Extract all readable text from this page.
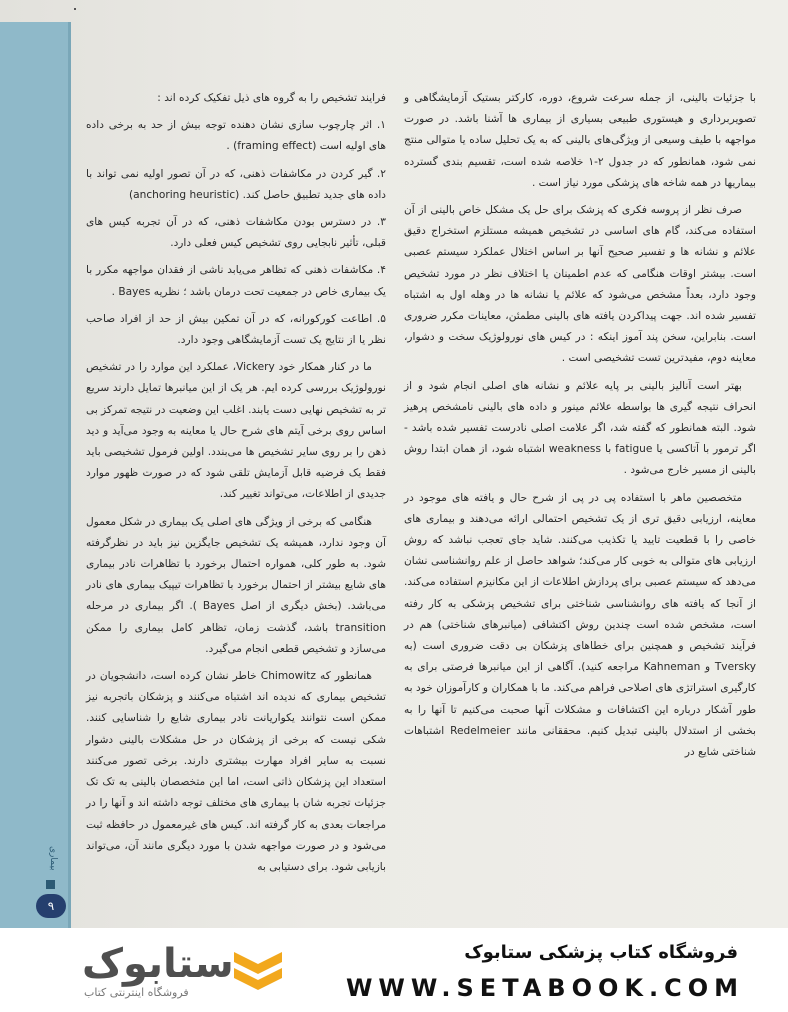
بیماری
۹

با جزئیات بالینی، از جمله سرعت شروع، دوره، کارکتر بستیک آزمایشگاهی و تصویربرداری و هیستوری طبیعی بسیاری از بیماری ها آشنا باشد. در صورت مواجهه با طیف وسیعی از ویژگی‌های بالینی که به یک تحلیل ساده یا متوالی منتج نمی شود، همانطور که در جدول ۲-۱ خلاصه شده است، تقسیم بندی گسترده بیماریها در همه شاخه های پزشکی مورد نیاز است .

صرف نظر از پروسه فکری که پزشک برای حل یک مشکل خاص بالینی از آن استفاده می‌کند، گام های اساسی در تشخیص همیشه مستلزم استخراج دقیق علائم و نشانه ها و تفسیر صحیح آنها بر اساس اختلال عملکرد سیستم عصبی است. بیشتر اوقات هنگامی که عدم اطمینان یا اختلاف نظر در مورد تشخیص وجود دارد، بعداً مشخص می‌شود که علائم یا نشانه ها در وهله اول به اشتباه تفسیر شده اند. جهت پیداکردن یافته های بالینی مطمئن، معاینات مکرر ضروری است. بنابراین، سخن پند آموز اینکه : در کیس های نورولوژیک سخت و دشوار، معاینه دوم، مفیدترین تست تشخیصی است .

بهتر است آنالیز بالینی بر پایه علائم و نشانه های اصلی انجام شود و از انحراف نتیجه گیری ها بواسطه علائم مینور و داده های بالینی نامشخص پرهیز شود. البته همانطور که گفته شد، اگر علامت اصلی نادرست تفسیر شده باشد - اگر ترمور با آتاکسی یا fatigue با weakness اشتباه شود، از همان ابتدا روش بالینی از مسیر خارج می‌شود .

متخصصین ماهر با استفاده پی در پی از شرح حال و یافته های موجود در معاینه، ارزیابی دقیق تری از یک تشخیص احتمالی ارائه می‌دهند و بیماری های خاصی را با قطعیت تایید یا تکذیب می‌کنند. شاید جای تعجب نباشد که روش ارزیابی های متوالی به خوبی کار می‌کند؛ شواهد حاصل از علم روانشناسی نشان می‌دهد که سیستم عصبی برای پردازش اطلاعات از این مکانیزم استفاده می‌کند. از آنجا که یافته های روانشناسی شناختی برای تشخیص پزشکی به کار رفته است، مشخص شده است چندین روش اکتشافی (میانبرهای شناختی) هم در فرآیند تشخیص و همچنین برای خطاهای پزشکان بی دقت ضروری است (به Tversky و Kahneman مراجعه کنید). آگاهی از این میانبرها فرصتی برای به کارگیری استراتژی های اصلاحی فراهم می‌کند. ما با همکاران و کارآموزان خود به طور آشکار درباره این اکتشافات و مشکلات آنها صحبت می‌کنیم تا آنها را به بخشی از استدلال بالینی تبدیل کنیم. محققانی مانند Redelmeier اشتباهات شناختی شایع در

فرایند تشخیص را به گروه های ذیل تفکیک کرده اند :

۱. اثر چارچوب سازی نشان دهنده توجه بیش از حد به برخی داده های اولیه است (framing effect) .

۲. گیر کردن در مکاشفات ذهنی، که در آن تصور اولیه نمی تواند با داده های جدید تطبیق حاصل کند. (anchoring heuristic)

۳. در دسترس بودن مکاشفات ذهنی، که در آن تجربه کیس های قبلی، تأثیر نابجایی روی تشخیص کیس فعلی دارد.

۴. مکاشفات ذهنی که تظاهر می‌یابد ناشی از فقدان مواجهه مکرر با یک بیماری خاص در جمعیت تحت درمان باشد ؛ نظریه Bayes .

۵. اطاعت کورکورانه، که در آن تمکین بیش از حد از افراد صاحب نظر یا از نتایج یک تست آزمایشگاهی وجود دارد.

ما در کنار همکار خود Vickery، عملکرد این موارد را در تشخیص نورولوژیک بررسی کرده ایم. هر یک از این میانبرها تمایل دارند سریع تر به تشخیص نهایی دست یابند. اغلب این وضعیت در نتیجه تمرکز بی اساس روی برخی آیتم های شرح حال یا معاینه به وجود می‌آید و دید ذهن را بر روی سایر تشخیص ها می‌بندد. اولین فرمول تشخیصی باید فقط یک فرضیه قابل آزمایش تلقی شود که در صورت ظهور موارد جدیدی از اطلاعات، می‌تواند تغییر کند.

هنگامی که برخی از ویژگی های اصلی یک بیماری در شکل معمول آن وجود ندارد، همیشه یک تشخیص جایگزین نیز باید در نظرگرفته شود. به طور کلی، همواره احتمال برخورد با تظاهرات نادر بیماری های شایع بیشتر از احتمال برخورد با تظاهرات تیپیک بیماری های نادر می‌باشد. (بخش دیگری از اصل Bayes ). اگر بیماری در مرحله transition باشد، گذشت زمان، تظاهر کامل بیماری را ممکن می‌سازد و تشخیص قطعی انجام می‌گیرد.

همانطور که Chimowitz خاطر نشان کرده است، دانشجویان در تشخیص بیماری که ندیده اند اشتباه می‌کنند و پزشکان باتجربه نیز ممکن است نتوانند یکواریانت نادر بیماری شایع را شناسایی کنند. شکی نیست که برخی از پزشکان در حل مشکلات بالینی دشوار نسبت به سایر افراد مهارت بیشتری دارند. برخی تصور می‌کنند استعداد این پزشکان ذاتی است، اما این متخصصان بالینی به تک تک جزئیات تجربه شان با بیماری های مختلف توجه داشته اند و آنها را در مراجعات بعدی به کار گرفته اند. کیس های غیرمعمول در حافظه ثبت می‌شود و در صورت مواجهه شدن با مورد دیگری مانند آن، می‌تواند بازیابی شود. برای دستیابی به

ستابوک
فروشگاه اینترنتی کتاب
فروشگاه کتاب پزشکی ستابوک
WWW.SETABOOK.COM
